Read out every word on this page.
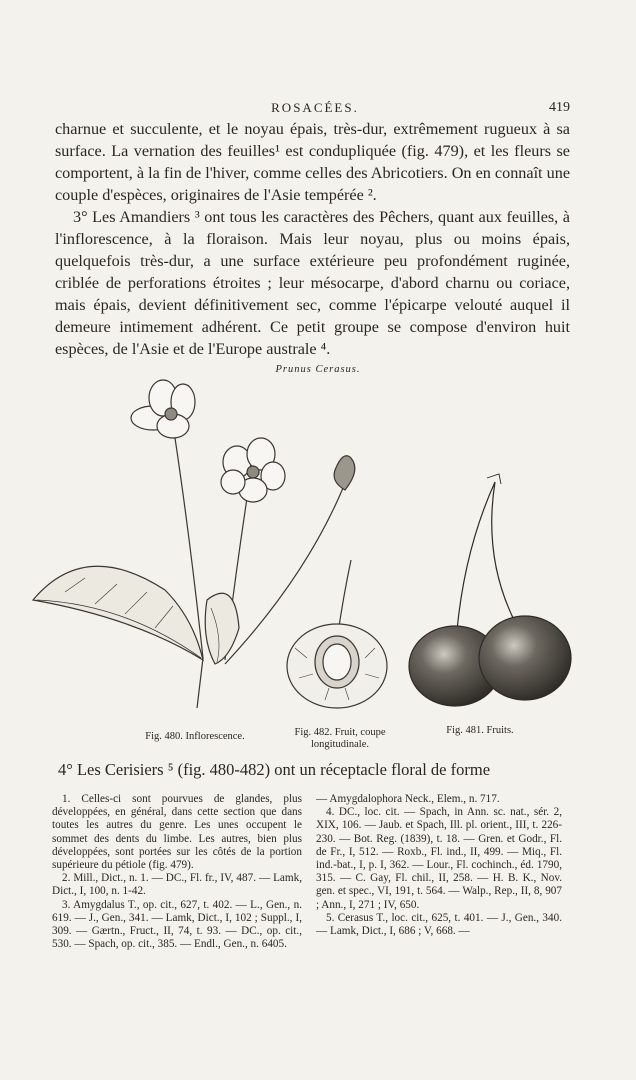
ROSACÉES.	419

charnue et succulente, et le noyau épais, très-dur, extrêmement rugueux à sa surface. La vernation des feuilles¹ est condupliquée (fig. 479), et les fleurs se comportent, à la fin de l'hiver, comme celles des Abricotiers. On en connaît une couple d'espèces, originaires de l'Asie tempérée ².

3° Les Amandiers ³ ont tous les caractères des Pêchers, quant aux feuilles, à l'inflorescence, à la floraison. Mais leur noyau, plus ou moins épais, quelquefois très-dur, a une surface extérieure peu profondément ruginée, criblée de perforations étroites ; leur mésocarpe, d'abord charnu ou coriace, mais épais, devient définitivement sec, comme l'épicarpe velouté auquel il demeure intimement adhérent. Ce petit groupe se compose d'environ huit espèces, de l'Asie et de l'Europe australe ⁴.

Prunus Cerasus.
Fig. 480. Inflorescence.	Fig. 482. Fruit, coupe longitudinale.
Fig. 481. Fruits.
4° Les Cerisiers ⁵ (fig. 480-482) ont un réceptacle floral de forme

1. Celles-ci sont pourvues de glandes, plus développées, en général, dans cette section que dans toutes les autres du genre. Les unes occupent le sommet des dents du limbe. Les autres, bien plus développées, sont portées sur les côtés de la portion supérieure du pétiole (fig. 479).

2. Mill., Dict., n. 1. — DC., Fl. fr., IV, 487. — Lamk, Dict., I, 100, n. 1-42.

3. Amygdalus T., op. cit., 627, t. 402. — L., Gen., n. 619. — J., Gen., 341. — Lamk, Dict., I, 102 ; Suppl., I, 309. — Gærtn., Fruct., II, 74, t. 93. — DC., op. cit., 530. — Spach, op. cit., 385. — Endl., Gen., n. 6405.

— Amygdalophora Neck., Elem., n. 717.

4. DC., loc. cit. — Spach, in Ann. sc. nat., sér. 2, XIX, 106. — Jaub. et Spach, Ill. pl. orient., III, t. 226-230. — Bot. Reg. (1839), t. 18. — Gren. et Godr., Fl. de Fr., I, 512. — Roxb., Fl. ind., II, 499. — Miq., Fl. ind.-bat., I, p. I, 362. — Lour., Fl. cochinch., éd. 1790, 315. — C. Gay, Fl. chil., II, 258. — H. B. K., Nov. gen. et spec., VI, 191, t. 564. — Walp., Rep., II, 8, 907 ; Ann., I, 271 ; IV, 650.

5. Cerasus T., loc. cit., 625, t. 401. — J., Gen., 340. — Lamk, Dict., I, 686 ; V, 668. —
